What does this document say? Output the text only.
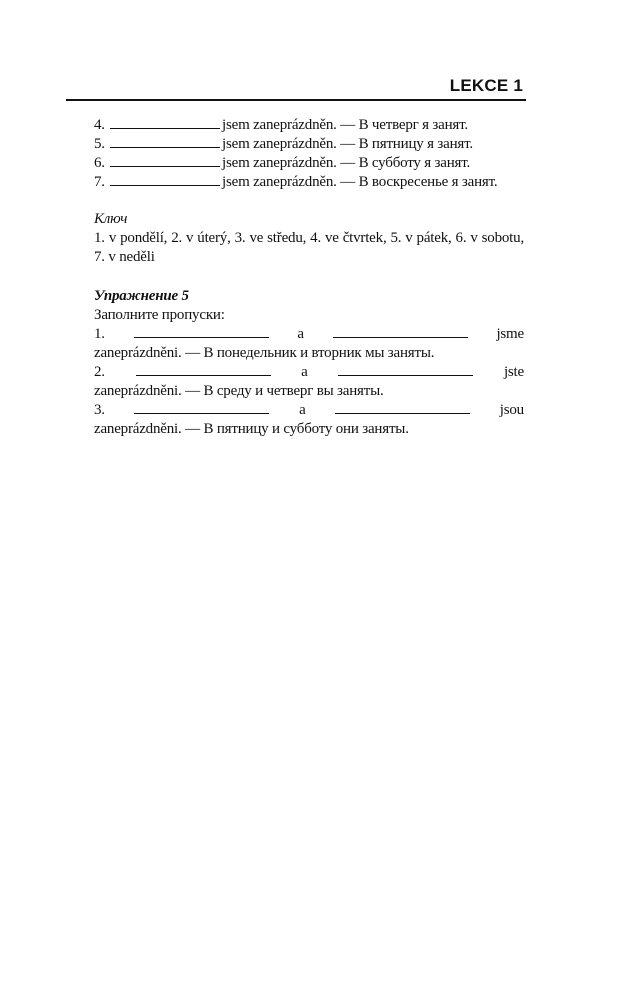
LEKCE 1
4.	jsem zaneprázdněn. — В четверг я занят.
5.	jsem zaneprázdněn. — В пятницу я занят.
6.	jsem zaneprázdněn. — В субботу я занят.
7.	jsem zaneprázdněn. — В воскресенье я занят.
Ключ
1. v pondělí, 2. v úterý, 3. ve středu, 4. ve čtvrtek, 5. v pátek, 6. v sobotu, 7. v neděli
Упражнение 5
Заполните пропуски:
1.	a	jsme
zaneprázdněni. — В понедельник и вторник мы заняты.
2.	a	jste
zaneprázdněni. — В среду и четверг вы заняты.
3.	a	jsou
zaneprázdněni. — В пятницу и субботу они заняты.
